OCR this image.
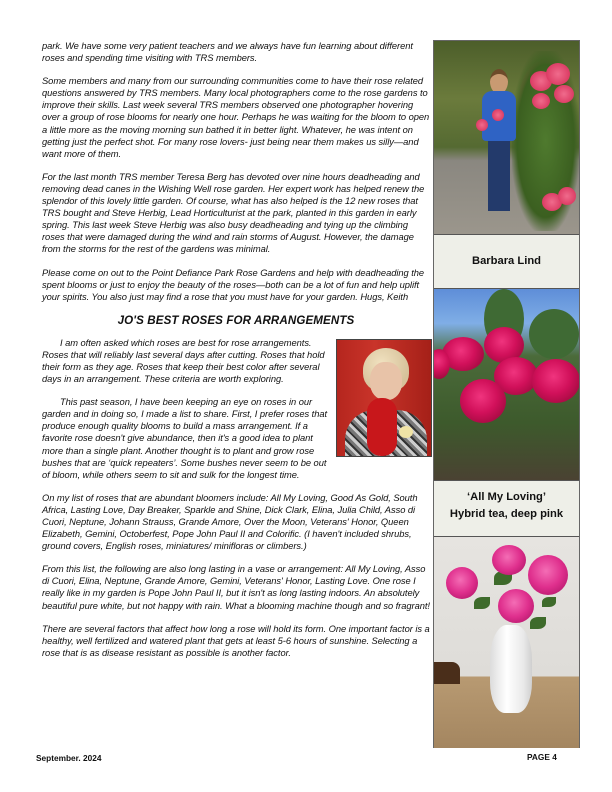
park. We have some very patient teachers and we always have fun learning about different roses and spending time visiting with TRS members.

Some members and many from our surrounding communities come to have their rose related questions answered by TRS members. Many local photographers come to the rose gardens to improve their skills. Last week several TRS members observed one photographer hovering over a group of rose blooms for nearly one hour. Perhaps he was waiting for the bloom to open a little more as the moving morning sun bathed it in better light. Whatever, he was intent on getting just the perfect shot. For many rose lovers- just being near them makes us silly—and want more of them.

For the last month TRS member Teresa Berg has devoted over nine hours deadheading and removing dead canes in the Wishing Well rose garden. Her expert work has helped renew the splendor of this lovely little garden. Of course, what has also helped is the 12 new roses that TRS bought and Steve Herbig, Lead Horticulturist at the park, planted in this garden in early spring. This last week Steve Herbig was also busy deadheading and tying up the climbing roses that were damaged during the wind and rain storms of August. However, the damage from the storms for the rest of the gardens was minimal.

Please come on out to the Point Defiance Park Rose Gardens and help with deadheading the spent blooms or just to enjoy the beauty of the roses—both can be a lot of fun and help uplift your spirits. You also just may find a rose that you must have for your garden. Hugs, Keith

JO'S BEST ROSES FOR ARRANGEMENTS

I am often asked which roses are best for rose arrangements. Roses that will reliably last several days after cutting. Roses that hold their form as they age. Roses that keep their best color after several days in an arrangement. These criteria are worth exploring.

This past season, I have been keeping an eye on roses in our garden and in doing so, I made a list to share. First, I prefer roses that produce enough quality blooms to build a mass arrangement. If a favorite rose doesn't give abundance, then it's a good idea to plant more than a single plant. Another thought is to plant and grow rose bushes that are ‘quick repeaters’. Some bushes never seem to be out of bloom, while others seem to sit and sulk for the longest time.

On my list of roses that are abundant bloomers include: All My Loving, Good As Gold, South Africa, Lasting Love, Day Breaker, Sparkle and Shine, Dick Clark, Elina, Julia Child, Asso di Cuori, Neptune, Johann Strauss, Grande Amore, Over the Moon, Veterans' Honor, Queen Elizabeth, Gemini, Octoberfest, Pope John Paul II and Colorific. (I haven't included shrubs, ground covers, English roses, miniatures/ minifloras or climbers.)

From this list, the following are also long lasting in a vase or arrangement: All My Loving, Asso di Cuori, Elina, Neptune, Grande Amore, Gemini, Veterans' Honor, Lasting Love. One rose I really like in my garden is Pope John Paul II, but it isn't as long lasting indoors. An absolutely beautiful pure white, but not happy with rain. What a blooming machine though and so fragrant!

There are several factors that affect how long a rose will hold its form. One important factor is a healthy, well fertilized and watered plant that gets at least 5-6 hours of sunshine. Selecting a rose that is as disease resistant as possible is another factor.

Barbara Lind
‘All My Loving’
Hybrid tea, deep pink
September. 2024	PAGE 4
